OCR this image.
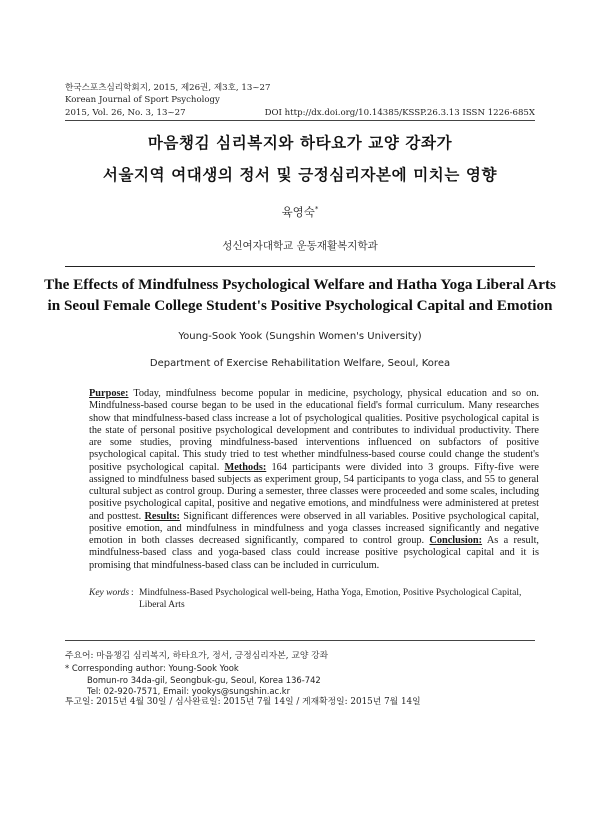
한국스포츠심리학회지, 2015, 제26권, 제3호, 13~27
Korean Journal of Sport Psychology
2015, Vol. 26, No. 3, 13~27	DOI http://dx.doi.org/10.14385/KSSP.26.3.13 ISSN 1226-685X
마음챙김 심리복지와 하타요가 교양 강좌가
서울지역 여대생의 정서 및 긍정심리자본에 미치는 영향
육영숙*
성신여자대학교 운동재활복지학과
The Effects of Mindfulness Psychological Welfare and Hatha Yoga Liberal Arts
in Seoul Female College Student's Positive Psychological Capital and Emotion
Young-Sook Yook (Sungshin Women's University)
Department of Exercise Rehabilitation Welfare, Seoul, Korea
Purpose: Today, mindfulness become popular in medicine, psychology, physical education and so on. Mindfulness-based course began to be used in the educational field's formal curriculum. Many researches show that mindfulness-based class increase a lot of psychological qualities. Positive psychological capital is the state of personal positive psychological development and contributes to individual productivity. There are some studies, proving mindfulness-based interventions influenced on subfactors of positive psychological capital. This study tried to test whether mindfulness-based course could change the student's positive psychological capital. Methods: 164 participants were divided into 3 groups. Fifty-five were assigned to mindfulness based subjects as experiment group, 54 participants to yoga class, and 55 to general cultural subject as control group. During a semester, three classes were proceeded and some scales, including positive psychological capital, positive and negative emotions, and mindfulness were administered at pretest and posttest. Results: Significant differences were observed in all variables. Positive psychological capital, positive emotion, and mindfulness in mindfulness and yoga classes increased significantly and negative emotion in both classes decreased significantly, compared to control group. Conclusion: As a result, mindfulness-based class and yoga-based class could increase positive psychological capital and it is promising that mindfulness-based class can be included in curriculum.
Key words : Mindfulness-Based Psychological well-being, Hatha Yoga, Emotion, Positive Psychological Capital, Liberal Arts
주요어: 마음챙김 심리복지, 하타요가, 정서, 긍정심리자본, 교양 강좌
* Corresponding author: Young-Sook Yook
Bomun-ro 34da-gil, Seongbuk-gu, Seoul, Korea 136-742
Tel: 02-920-7571, Email: yookys@sungshin.ac.kr
투고일: 2015년 4월 30일 / 심사완료일: 2015년 7월 14일 / 게재확정일: 2015년 7월 14일
